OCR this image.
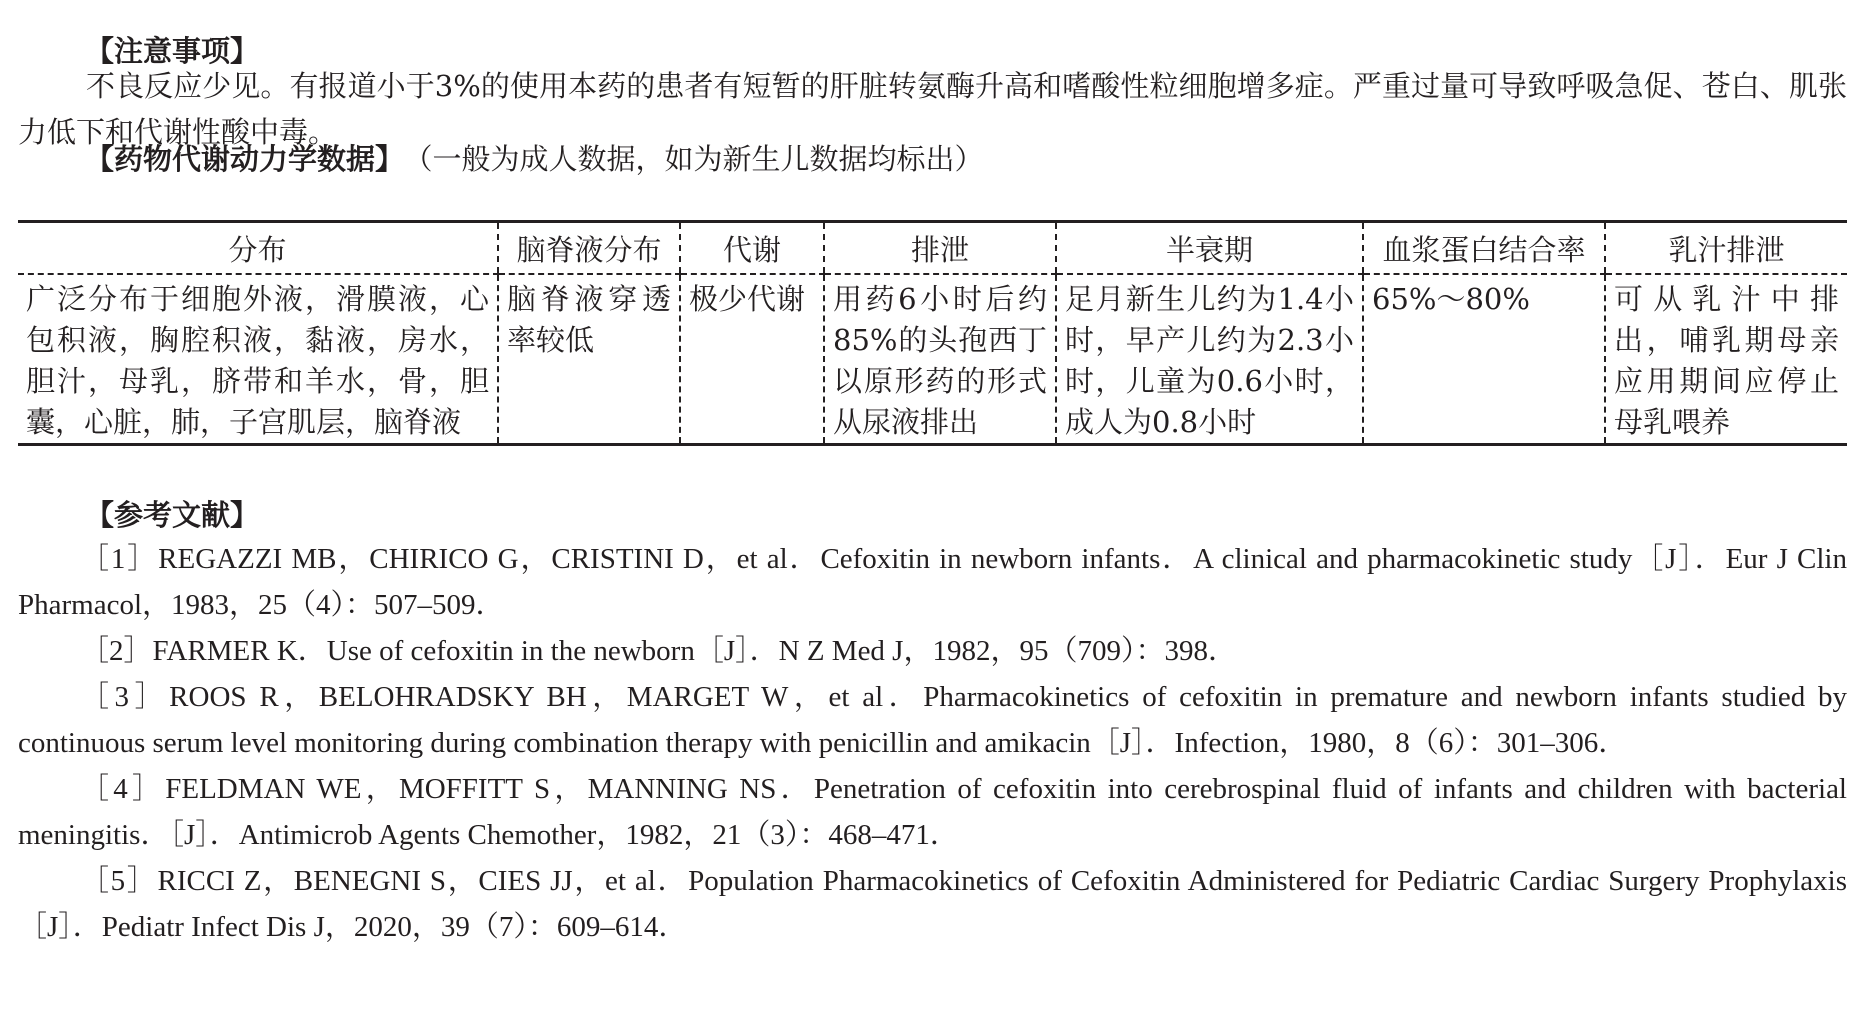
【注意事项】

不良反应少见。有报道小于3%的使用本药的患者有短暂的肝脏转氨酶升高和嗜酸性粒细胞增多症。严重过量可导致呼吸急促、苍白、肌张力低下和代谢性酸中毒。

【药物代谢动力学数据】 （一般为成人数据，如为新生儿数据均标出）
分布	脑脊液分布	代谢	排泄	半衰期	血浆蛋白结合率	乳汁排泄

广泛分布于细胞外液，滑膜液，心包积液，胸腔积液，黏液，房水，胆汁，母乳，脐带和羊水，骨，胆囊，心脏，肺，子宫肌层，脑脊液	脑脊液穿透率较低	极少代谢	用药6小时后约85%的头孢西丁以原形药的形式从尿液排出	足月新生儿约为1.4小时，早产儿约为2.3小时，儿童为0.6小时，成人为0.8小时	65%～80%	可从乳汁中排出，哺乳期母亲应用期间应停止母乳喂养
【参考文献】

［1］REGAZZI MB，CHIRICO G，CRISTINI D，et al．Cefoxitin in newborn infants．A clinical and pharmacokinetic study［J］．Eur J Clin Pharmacol，1983，25（4）：507–509．

［2］FARMER K．Use of cefoxitin in the newborn［J］．N Z Med J，1982，95（709）：398．

［3］ROOS R，BELOHRADSKY BH，MARGET W，et al．Pharmacokinetics of cefoxitin in premature and newborn infants studied by continuous serum level monitoring during combination therapy with penicillin and amikacin［J］．Infection，1980，8（6）：301–306．

［4］FELDMAN WE，MOFFITT S，MANNING NS．Penetration of cefoxitin into cerebrospinal fluid of infants and children with bacterial meningitis．［J］．Antimicrob Agents Chemother，1982，21（3）：468–471．

［5］RICCI Z，BENEGNI S，CIES JJ，et al．Population Pharmacokinetics of Cefoxitin Administered for Pediatric Cardiac Surgery Prophylaxis［J］．Pediatr Infect Dis J，2020，39（7）：609–614．
